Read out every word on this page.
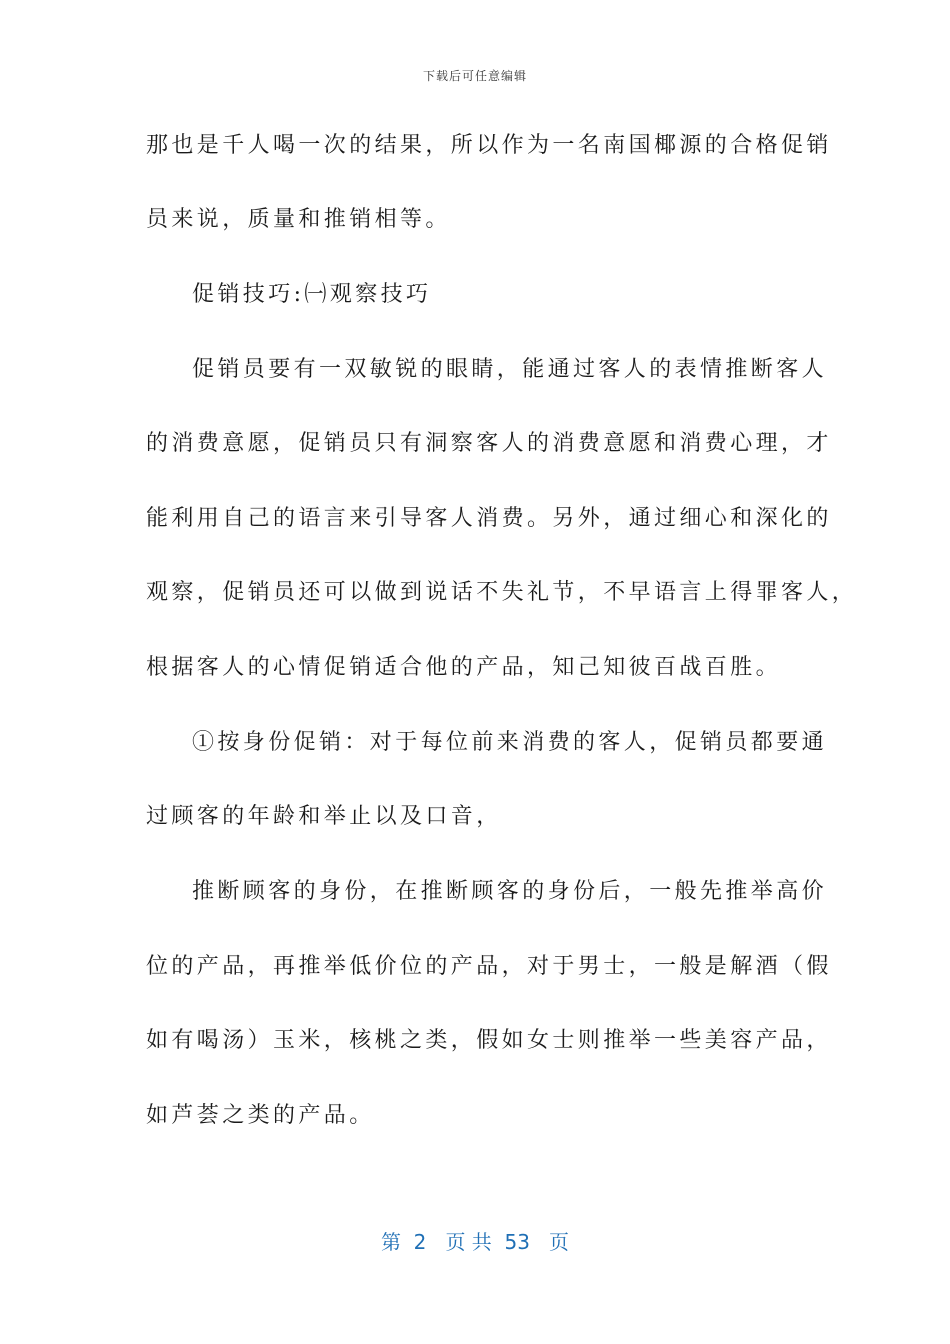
下载后可任意编辑
那也是千人喝一次的结果，所以作为一名南国椰源的合格促销
员来说，质量和推销相等。
促销技巧:㈠观察技巧
促销员要有一双敏锐的眼睛，能通过客人的表情推断客人
的消费意愿，促销员只有洞察客人的消费意愿和消费心理，才
能利用自己的语言来引导客人消费。另外，通过细心和深化的
观察，促销员还可以做到说话不失礼节，不早语言上得罪客人，
根据客人的心情促销适合他的产品，知己知彼百战百胜。
①按身份促销：对于每位前来消费的客人，促销员都要通
过顾客的年龄和举止以及口音，
推断顾客的身份，在推断顾客的身份后，一般先推举高价
位的产品，再推举低价位的产品，对于男士，一般是解酒（假
如有喝汤）玉米，核桃之类，假如女士则推举一些美容产品，
如芦荟之类的产品。
第  2   页 共  53   页
